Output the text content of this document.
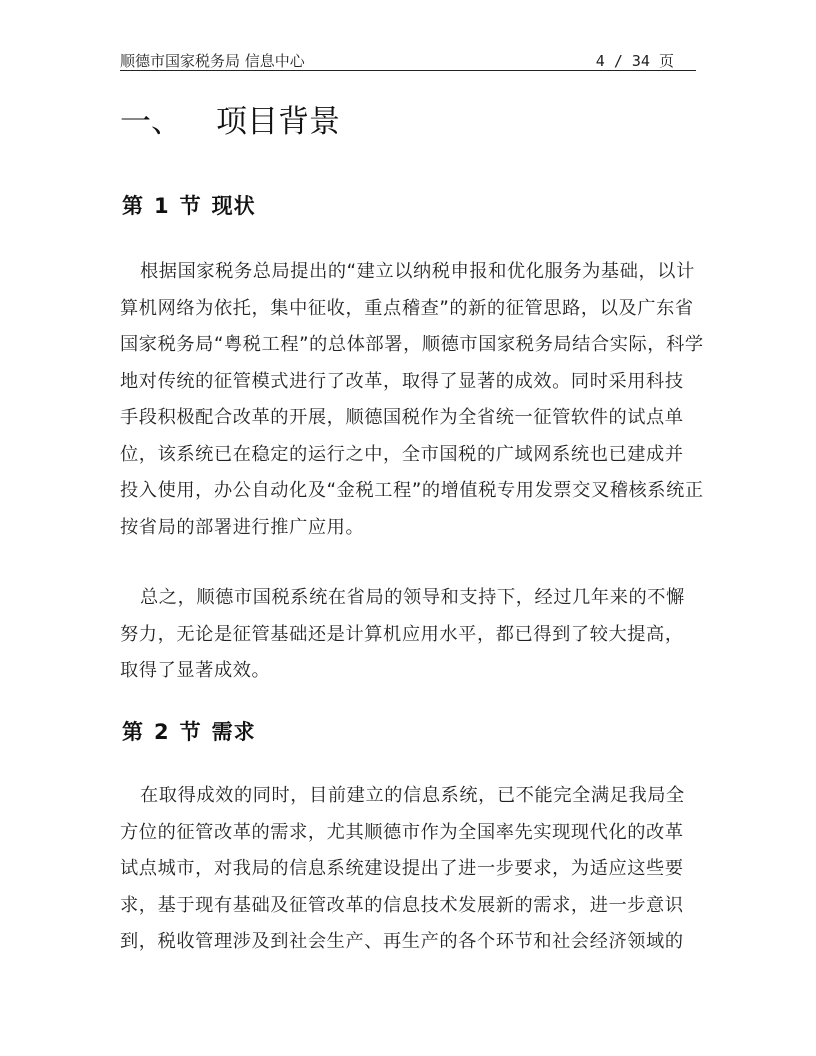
顺德市国家税务局 信息中心	4 / 34 页
一、 项目背景
第 1 节 现状
根据国家税务总局提出的“建立以纳税申报和优化服务为基础，以计
算机网络为依托，集中征收，重点稽查”的新的征管思路，以及广东省
国家税务局“粤税工程”的总体部署，顺德市国家税务局结合实际，科学
地对传统的征管模式进行了改革，取得了显著的成效。同时采用科技
手段积极配合改革的开展，顺德国税作为全省统一征管软件的试点单
位，该系统已在稳定的运行之中，全市国税的广域网系统也已建成并
投入使用，办公自动化及“金税工程”的增值税专用发票交叉稽核系统正
按省局的部署进行推广应用。
总之，顺德市国税系统在省局的领导和支持下，经过几年来的不懈
努力，无论是征管基础还是计算机应用水平，都已得到了较大提高，
取得了显著成效。
第 2 节 需求
在取得成效的同时，目前建立的信息系统，已不能完全满足我局全
方位的征管改革的需求，尤其顺德市作为全国率先实现现代化的改革
试点城市，对我局的信息系统建设提出了进一步要求，为适应这些要
求，基于现有基础及征管改革的信息技术发展新的需求，进一步意识
到，税收管理涉及到社会生产、再生产的各个环节和社会经济领域的
